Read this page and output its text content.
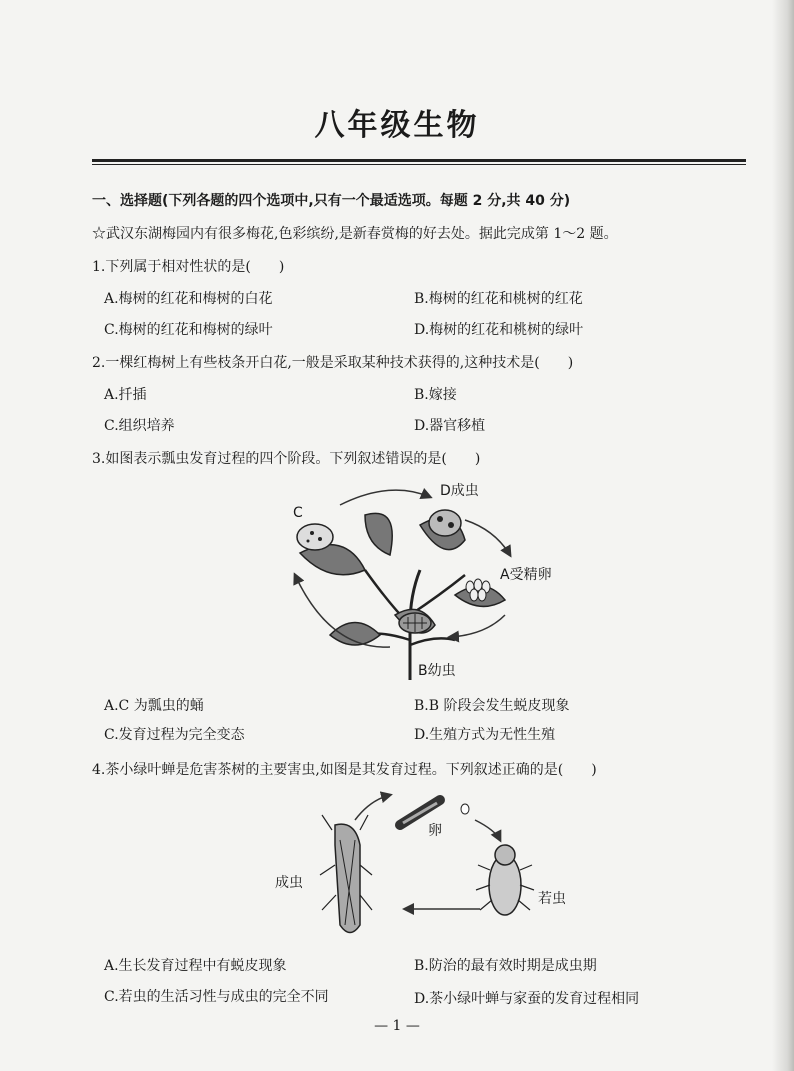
八年级生物
一、选择题(下列各题的四个选项中,只有一个最适选项。每题 2 分,共 40 分)
☆武汉东湖梅园内有很多梅花,色彩缤纷,是新春赏梅的好去处。据此完成第 1～2 题。
1.下列属于相对性状的是(　　)
A.梅树的红花和梅树的白花	B.梅树的红花和桃树的红花
C.梅树的红花和梅树的绿叶	D.梅树的红花和桃树的绿叶
2.一棵红梅树上有些枝条开白花,一般是采取某种技术获得的,这种技术是(　　)
A.扦插	B.嫁接
C.组织培养	D.器官移植
3.如图表示瓢虫发育过程的四个阶段。下列叙述错误的是(　　)
C
D成虫
A受精卵
B幼虫
A.C 为瓢虫的蛹	B.B 阶段会发生蜕皮现象
C.发育过程为完全变态	D.生殖方式为无性生殖
4.茶小绿叶蝉是危害茶树的主要害虫,如图是其发育过程。下列叙述正确的是(　　)
卵
成虫
若虫
A.生长发育过程中有蜕皮现象	B.防治的最有效时期是成虫期
C.若虫的生活习性与成虫的完全不同	D.茶小绿叶蝉与家蚕的发育过程相同
— 1 —
